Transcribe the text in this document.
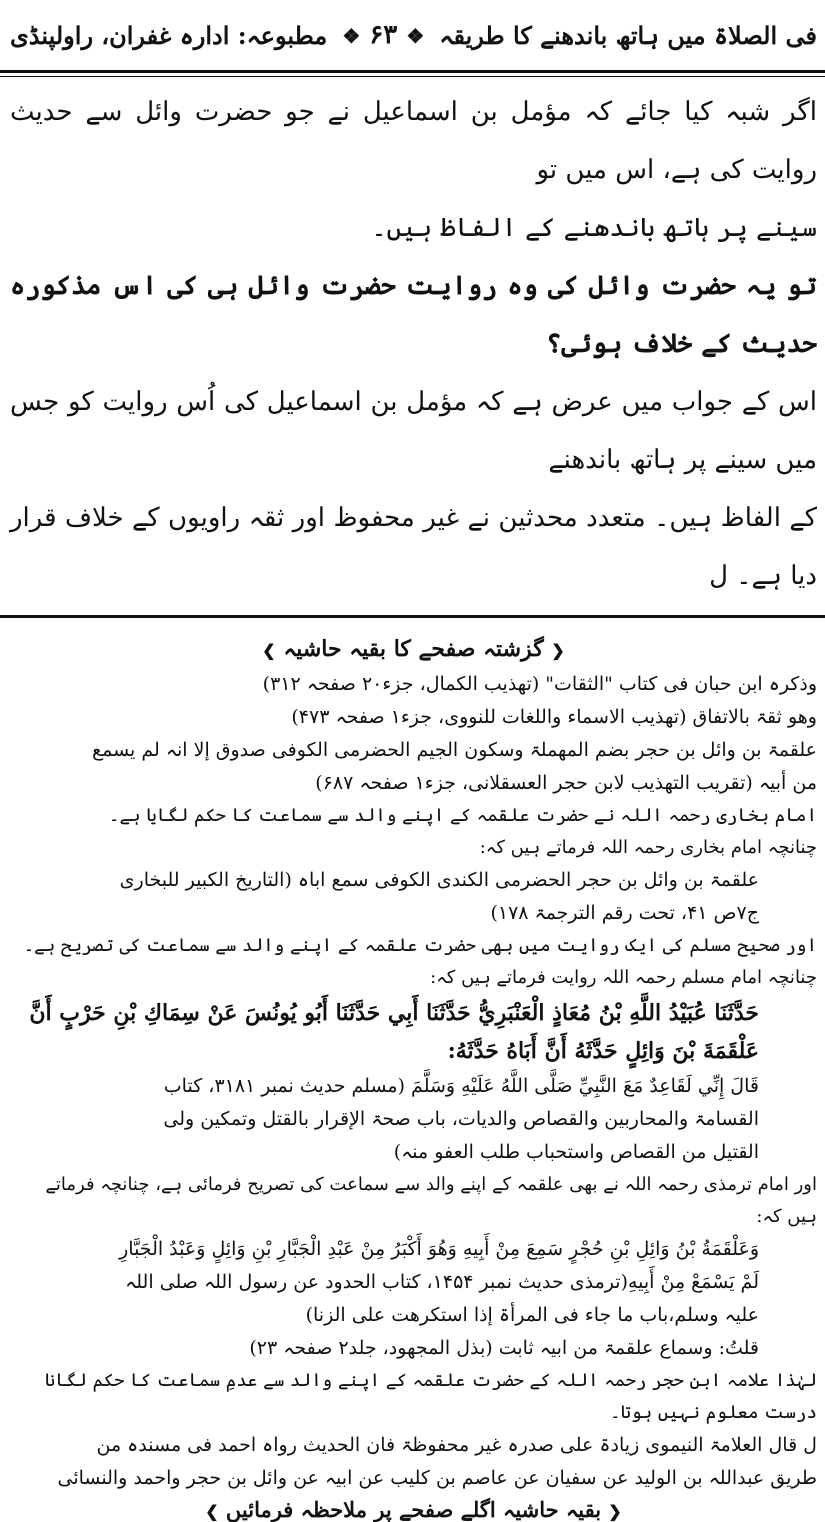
فی الصلاۃ میں ہاتھ باندھنے کا طریقہ
❖ ۶۳ ❖
مطبوعہ: ادارہ غفران، راولپنڈی

اگر شبہ کیا جائے کہ مؤمل بن اسماعیل نے جو حضرت وائل سے حدیث روایت کی ہے، اس میں تو

سینے پر ہاتھ باندھنے کے الفاظ ہیں۔

تو یہ حضرت وائل کی وہ روایت حضرت وائل ہی کی اس مذکورہ حدیث کے خلاف ہوئی؟

اس کے جواب میں عرض ہے کہ مؤمل بن اسماعیل کی اُس روایت کو جس میں سینے پر ہاتھ باندھنے

کے الفاظ ہیں۔ متعدد محدثین نے غیر محفوظ اور ثقہ راویوں کے خلاف قرار دیا ہے۔ ل

❮ گزشتہ صفحے کا بقیہ حاشیہ ❯

وذکرہ ابن حبان فی کتاب "الثقات" (تھذیب الکمال، جزء۲۰ صفحہ ۳۱۲)

وھو ثقۃ بالاتفاق (تھذیب الاسماء واللغات للنووی، جزء۱ صفحہ ۴۷۳)

علقمۃ بن وائل بن حجر بضم المھملۃ وسکون الجیم الحضرمی الکوفی صدوق إلا انہ لم یسمع

من أبیہ (تقریب التھذیب لابن حجر العسقلانی، جزء۱ صفحہ ۶۸۷)

امام بخاری رحمہ اللہ نے حضرت علقمہ کے اپنے والد سے سماعت کا حکم لگایا ہے۔

چنانچہ امام بخاری رحمہ اللہ فرماتے ہیں کہ:

علقمۃ بن وائل بن حجر الحضرمی الکندی الکوفی سمع اباہ (التاریخ الکبیر للبخاری

ج۷ص ۴۱، تحت رقم الترجمۃ ۱۷۸)

اور صحیح مسلم کی ایک روایت میں بھی حضرت علقمہ کے اپنے والد سے سماعت کی تصریح ہے۔

چنانچہ امام مسلم رحمہ اللہ روایت فرماتے ہیں کہ:

حَدَّثَنَا عُبَيْدُ اللَّهِ بْنُ مُعَاذٍ الْعَنْبَرِيُّ حَدَّثَنَا أَبِي حَدَّثَنَا أَبُو يُونُسَ عَنْ سِمَاكِ بْنِ حَرْبٍ أَنَّ

عَلْقَمَةَ بْنَ وَائِلٍ حَدَّثَهُ أَنَّ أَبَاهُ حَدَّثَهُ:

قَالَ إِنِّي لَقَاعِدٌ مَعَ النَّبِيِّ صَلَّى اللَّهُ عَلَيْهِ وَسَلَّمَ (مسلم حدیث نمبر ۳۱۸۱، کتاب

القسامۃ والمحاربین والقصاص والدیات، باب صحۃ الإقرار بالقتل وتمکین ولی

القتیل من القصاص واستحباب طلب العفو منہ)

اور امام ترمذی رحمہ اللہ نے بھی علقمہ کے اپنے والد سے سماعت کی تصریح فرمائی ہے، چنانچہ فرماتے ہیں کہ:

وَعَلْقَمَةُ بْنُ وَائِلِ بْنِ حُجْرٍ سَمِعَ مِنْ أَبِيهِ وَهُوَ أَكْبَرُ مِنْ عَبْدِ الْجَبَّارِ بْنِ وَائِلٍ وَعَبْدُ الْجَبَّارِ

لَمْ يَسْمَعْ مِنْ أَبِيهِ(ترمذی حدیث نمبر ۱۴۵۴، کتاب الحدود عن رسول اللہ صلی اللہ

علیہ وسلم،باب ما جاء فی المرأۃ إذا استکرھت علی الزنا)

قلتُ: وسماع علقمۃ من ابیہ ثابت (بذل المجھود، جلد۲ صفحہ ۲۳)

لہٰذا علامہ ابن حجر رحمہ اللہ کے حضرت علقمہ کے اپنے والد سے عدمِ سماعت کا حکم لگانا درست معلوم نہیں ہوتا۔

ل قال العلامۃ النیموی زیادۃ علی صدرہ غیر محفوظۃ فان الحدیث رواہ احمد فی مسندہ من

طریق عبداللہ بن الولید عن سفیان عن عاصم بن کلیب عن ابیہ عن وائل بن حجر واحمد والنسائی

❮ بقیہ حاشیہ اگلے صفحے پر ملاحظہ فرمائیں ❯
